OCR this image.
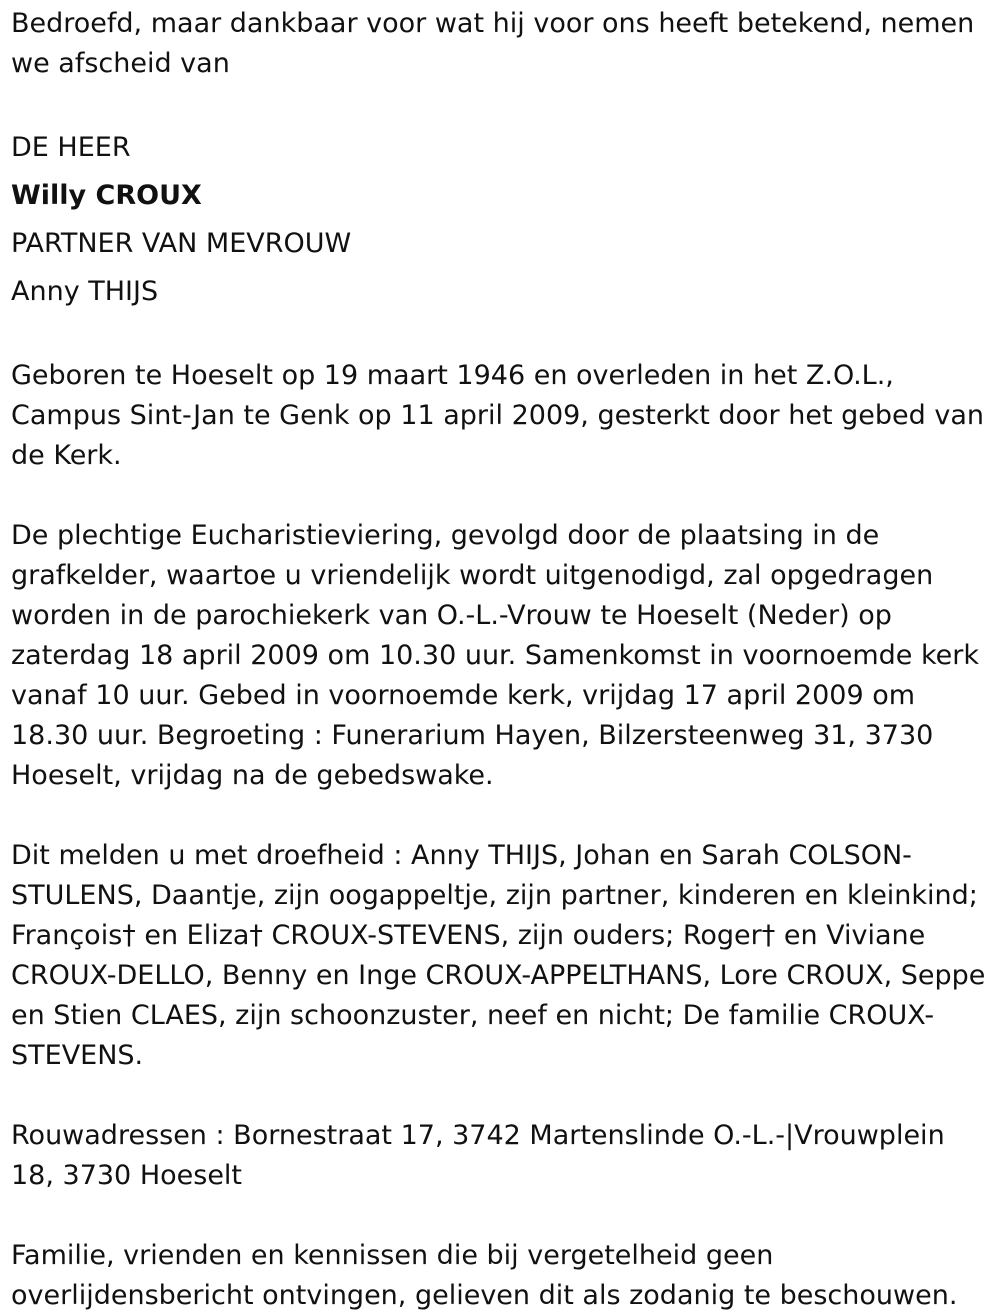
Bedroefd, maar dankbaar voor wat hij voor ons heeft betekend, nemen we afscheid van

DE HEER

Willy CROUX

PARTNER VAN MEVROUW

Anny THIJS

Geboren te Hoeselt op 19 maart 1946 en overleden in het Z.O.L., Campus Sint-Jan te Genk op 11 april 2009, gesterkt door het gebed van de Kerk.

De plechtige Eucharistieviering, gevolgd door de plaatsing in de grafkelder, waartoe u vriendelijk wordt uitgenodigd, zal opgedragen worden in de parochiekerk van O.-L.-Vrouw te Hoeselt (Neder) op zaterdag 18 april 2009 om 10.30 uur. Samenkomst in voornoemde kerk vanaf 10 uur. Gebed in voornoemde kerk, vrijdag 17 april 2009 om 18.30 uur. Begroeting : Funerarium Hayen, Bilzersteenweg 31, 3730 Hoeselt, vrijdag na de gebedswake.

Dit melden u met droefheid : Anny THIJS, Johan en Sarah COLSON-STULENS, Daantje, zijn oogappeltje, zijn partner, kinderen en kleinkind; François† en Eliza† CROUX-STEVENS, zijn ouders; Roger† en Viviane CROUX-DELLO, Benny en Inge CROUX-APPELTHANS, Lore CROUX, Seppe en Stien CLAES, zijn schoonzuster, neef en nicht; De familie CROUX-STEVENS.

Rouwadressen : Bornestraat 17, 3742 Martenslinde O.-L.-|Vrouwplein 18, 3730 Hoeselt

Familie, vrienden en kennissen die bij vergetelheid geen overlijdensbericht ontvingen, gelieven dit als zodanig te beschouwen.
